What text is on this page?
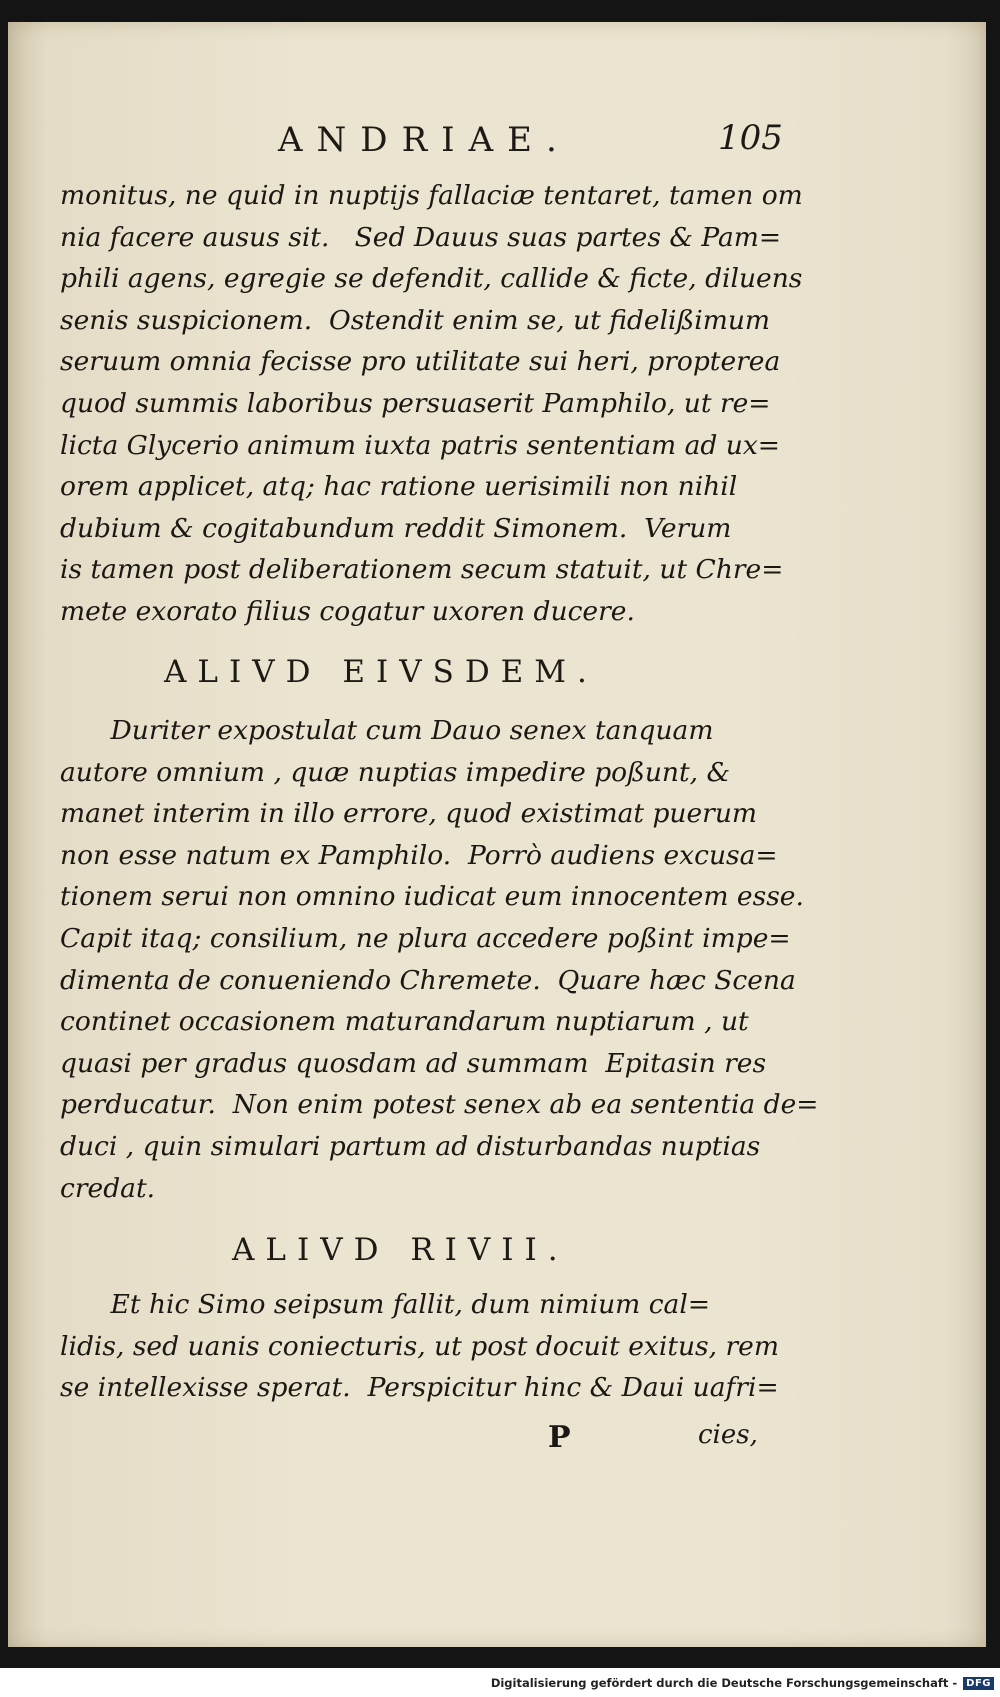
ANDRIAE.	105
monitus, ne quid in nuptijs fallaciæ tentaret, tamen om
nia facere ausus sit.   Sed Dauus suas partes & Pam=
phili agens, egregie se defendit, callide & ficte, diluens
senis suspicionem.  Ostendit enim se, ut fidelißimum
seruum omnia fecisse pro utilitate sui heri, propterea
quod summis laboribus persuaserit Pamphilo, ut re=
licta Glycerio animum iuxta patris sententiam ad ux=
orem applicet, atq; hac ratione uerisimili non nihil
dubium & cogitabundum reddit Simonem.  Verum
is tamen post deliberationem secum statuit, ut Chre=
mete exorato filius cogatur uxoren ducere.
ALIVD EIVSDEM.
Duriter expostulat cum Dauo senex tanquam
autore omnium , quæ nuptias impedire poßunt, &
manet interim in illo errore, quod existimat puerum
non esse natum ex Pamphilo.  Porrò audiens excusa=
tionem serui non omnino iudicat eum innocentem esse.
Capit itaq; consilium, ne plura accedere poßint impe=
dimenta de conueniendo Chremete.  Quare hæc Scena
continet occasionem maturandarum nuptiarum , ut
quasi per gradus quosdam ad summam  Epitasin res
perducatur.  Non enim potest senex ab ea sententia de=
duci , quin simulari partum ad disturbandas nuptias
credat.
ALIVD RIVII.
Et hic Simo seipsum fallit, dum nimium cal=
lidis, sed uanis coniecturis, ut post docuit exitus, rem
se intellexisse sperat.  Perspicitur hinc & Daui uafri=
P	cies,
Digitalisierung gefördert durch die Deutsche Forschungsgemeinschaft - DFG
